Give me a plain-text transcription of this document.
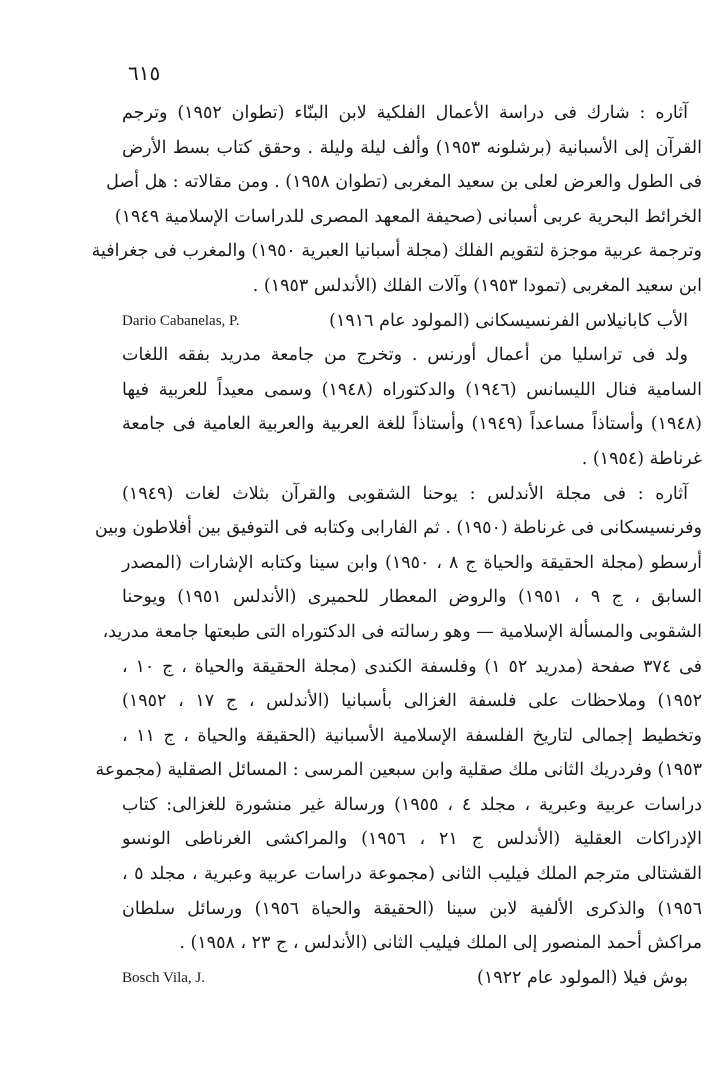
٦١٥
آثاره : شارك فى دراسة الأعمال الفلكية لابن البنّاء (تطوان ١٩٥٢) وترجم
القرآن إلى الأسبانية (برشلونه ١٩٥٣) وألف ليلة وليلة . وحقق كتاب بسط الأرض
فى الطول والعرض لعلى بن سعيد المغربى (تطوان ١٩٥٨) . ومن مقالاته : هل أصل
الخرائط البحرية عربى أسبانى (صحيفة المعهد المصرى للدراسات الإسلامية ١٩٤٩)
وترجمة عربية موجزة لتقويم الفلك (مجلة أسبانيا العبرية ١٩٥٠) والمغرب فى جغرافية
ابن سعيد المغربى (تمودا ١٩٥٣) وآلات الفلك (الأندلس ١٩٥٣) .
الأب كابانيلاس الفرنسيسكانى (المولود عام ١٩١٦)
Dario Cabanelas, P.
ولد فى تراسليا من أعمال أورنس . وتخرج من جامعة مدريد بفقه اللغات
السامية فنال الليسانس (١٩٤٦) والدكتوراه (١٩٤٨) وسمى معيداً للعربية فيها
(١٩٤٨) وأستاذاً مساعداً (١٩٤٩) وأستاذاً للغة العربية والعربية العامية فى جامعة
غرناطة (١٩٥٤) .
آثاره : فى مجلة الأندلس : يوحنا الشقوبى والقرآن بثلاث لغات (١٩٤٩)
وفرنسيسكانى فى غرناطة (١٩٥٠) . ثم الفارابى وكتابه فى التوفيق بين أفلاطون وبين
أرسطو (مجلة الحقيقة والحياة ج ٨ ، ١٩٥٠) وابن سينا وكتابه الإشارات (المصدر
السابق ، ج ٩ ، ١٩٥١) والروض المعطار للحميرى (الأندلس ١٩٥١) ويوحنا
الشقوبى والمسألة الإسلامية — وهو رسالته فى الدكتوراه التى طبعتها جامعة مدريد،
فى ٣٧٤ صفحة (مدريد ٥٢ ١) وفلسفة الكندى (مجلة الحقيقة والحياة ، ج ١٠ ،
١٩٥٢) وملاحظات على فلسفة الغزالى بأسبانيا (الأندلس ، ج ١٧ ، ١٩٥٢)
وتخطيط إجمالى لتاريخ الفلسفة الإسلامية الأسبانية (الحقيقة والحياة ، ج ١١ ،
١٩٥٣) وفردريك الثانى ملك صقلية وابن سبعين المرسى : المسائل الصقلية (مجموعة
دراسات عربية وعبرية ، مجلد ٤ ، ١٩٥٥) ورسالة غير منشورة للغزالى: كتاب
الإدراكات العقلية (الأندلس ج ٢١ ، ١٩٥٦) والمراكشى الغرناطى الونسو
القشتالى مترجم الملك فيليب الثانى (مجموعة دراسات عربية وعبرية ، مجلد ٥ ،
١٩٥٦) والذكرى الألفية لابن سينا (الحقيقة والحياة ١٩٥٦) ورسائل سلطان
مراكش أحمد المنصور إلى الملك فيليب الثانى (الأندلس ، ج ٢٣ ، ١٩٥٨) .
بوش فيلا (المولود عام ١٩٢٢)
Bosch Vila, J.
